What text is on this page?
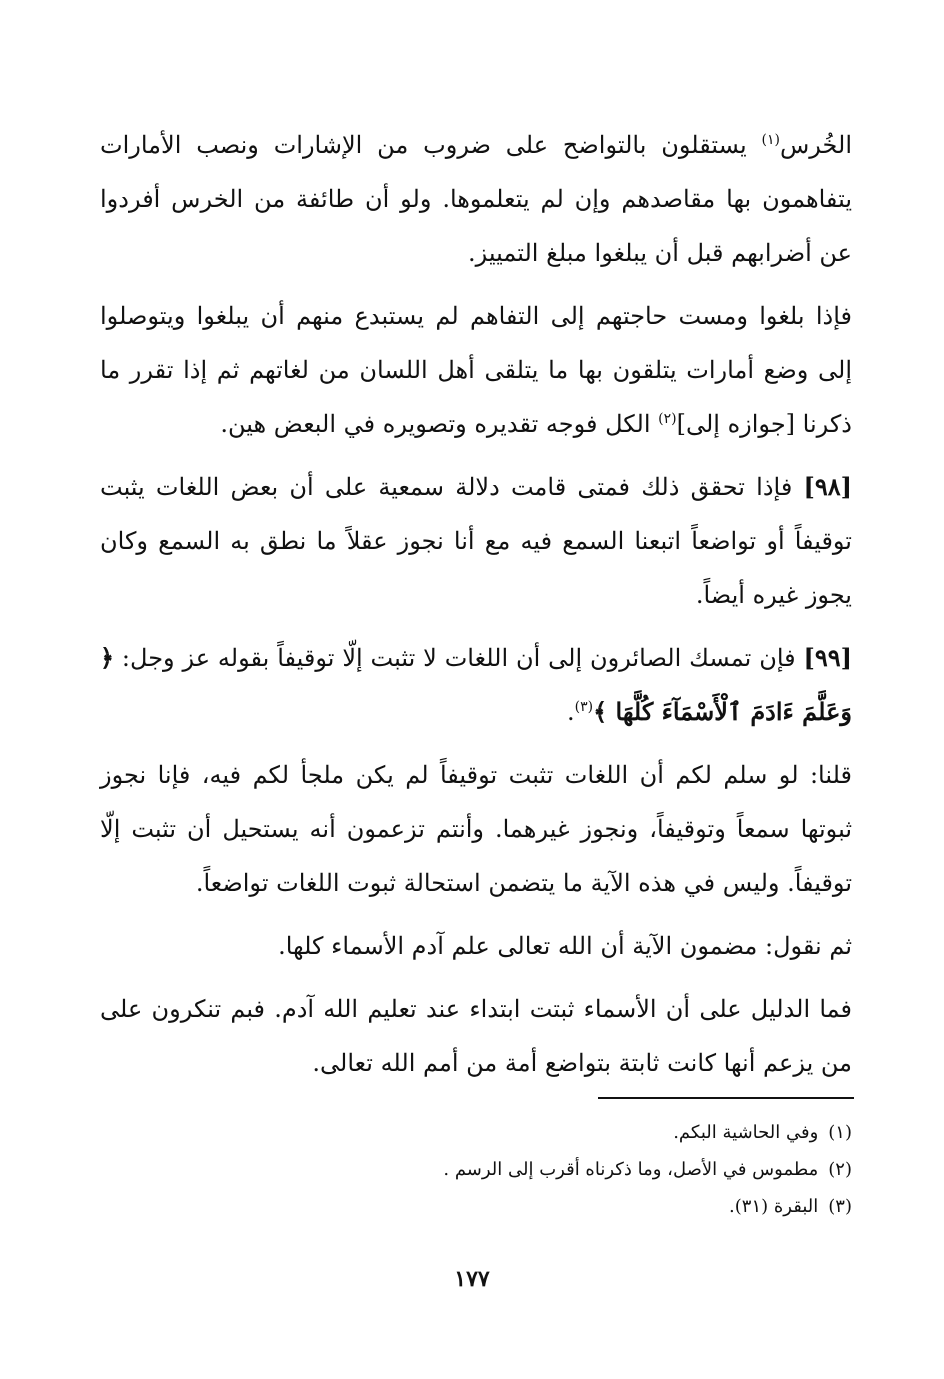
الخُرس$^{(١)}$ يستقلون بالتواضح على ضروب من الإشارات ونصب الأمارات يتفاهمون بها مقاصدهم وإن لم يتعلموها. ولو أن طائفة من الخرس أفردوا عن أضرابهم قبل أن يبلغوا مبلغ التمييز.

فإذا بلغوا ومست حاجتهم إلى التفاهم لم يستبدع منهم أن يبلغوا ويتوصلوا إلى وضع أمارات يتلقون بها ما يتلقى أهل اللسان من لغاتهم ثم إذا تقرر ما ذكرنا [جوازه إلى]$^{(٢)}$ الكل فوجه تقديره وتصويره في البعض هين.

[٩٨] فإذا تحقق ذلك فمتى قامت دلالة سمعية على أن بعض اللغات يثبت توقيفاً أو تواضعاً اتبعنا السمع فيه مع أنا نجوز عقلاً ما نطق به السمع وكان يجوز غيره أيضاً.

[٩٩] فإن تمسك الصائرون إلى أن اللغات لا تثبت إلّا توقيفاً بقوله عز وجل: ﴿ وَعَلَّمَ ءَادَمَ ٱلْأَسْمَآءَ كُلَّهَا ﴾$^{(٣)}$.

قلنا: لو سلم لكم أن اللغات تثبت توقيفاً لم يكن ملجأ لكم فيه، فإنا نجوز ثبوتها سمعاً وتوقيفاً، ونجوز غيرهما. وأنتم تزعمون أنه يستحيل أن تثبت إلّا توقيفاً. وليس في هذه الآية ما يتضمن استحالة ثبوت اللغات تواضعاً.

ثم نقول: مضمون الآية أن الله تعالى علم آدم الأسماء كلها.

فما الدليل على أن الأسماء ثبتت ابتداء عند تعليم الله آدم. فبم تنكرون على من يزعم أنها كانت ثابتة بتواضع أمة من أمم الله تعالى.

(١)وفي الحاشية البكم.

(٢)مطموس في الأصل، وما ذكرناه أقرب إلى الرسم .

(٣)البقرة (٣١).

١٧٧
